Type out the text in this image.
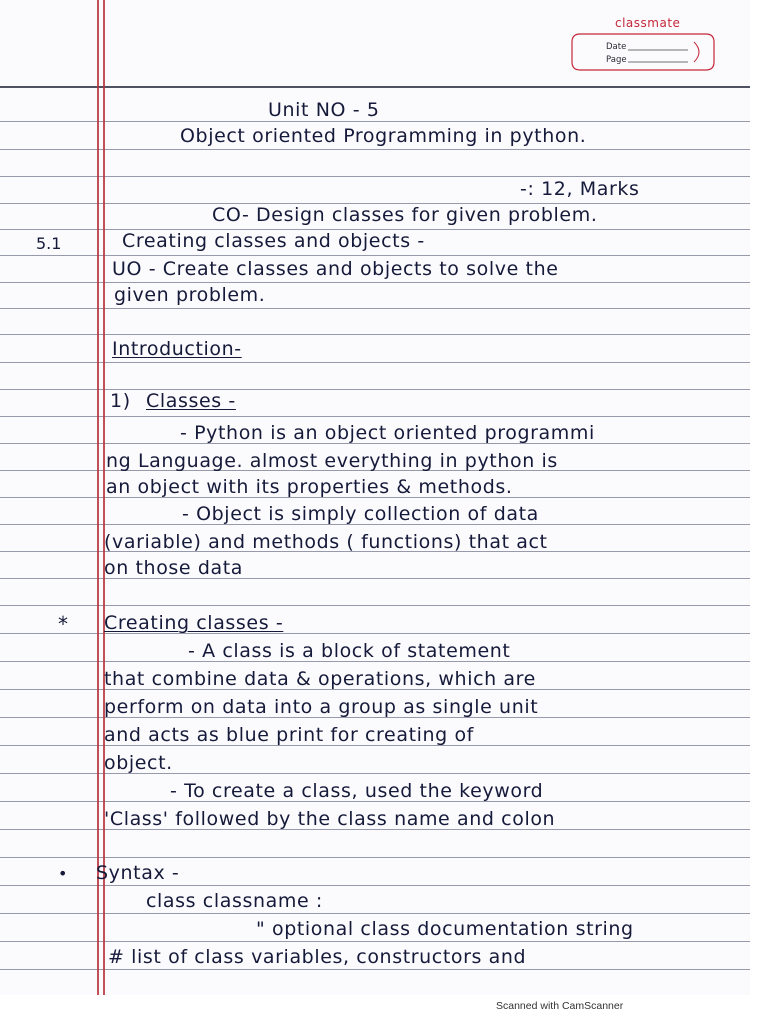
classmate
Date
Page
Unit NO - 5
Object oriented Programming in python.
-: 12, Marks
CO- Design classes for given problem.
5.1	Creating classes and objects -
UO - Create classes and objects to solve the
given problem.
Introduction-
1) Classes -
- Python is an object oriented programmi
ng Language. almost everything in python is
an object with its properties & methods.
- Object is simply collection of data
(variable) and methods ( functions) that act
on those data
* Creating classes -
- A class is a block of statement
that combine data & operations, which are
perform on data into a group as single unit
and acts as blue print for creating of
object.
- To create a class, used the keyword
'Class' followed by the class name and colon
• Syntax -
class classname :
" optional class documentation string
# list of class variables, constructors and
Scanned with CamScanner
